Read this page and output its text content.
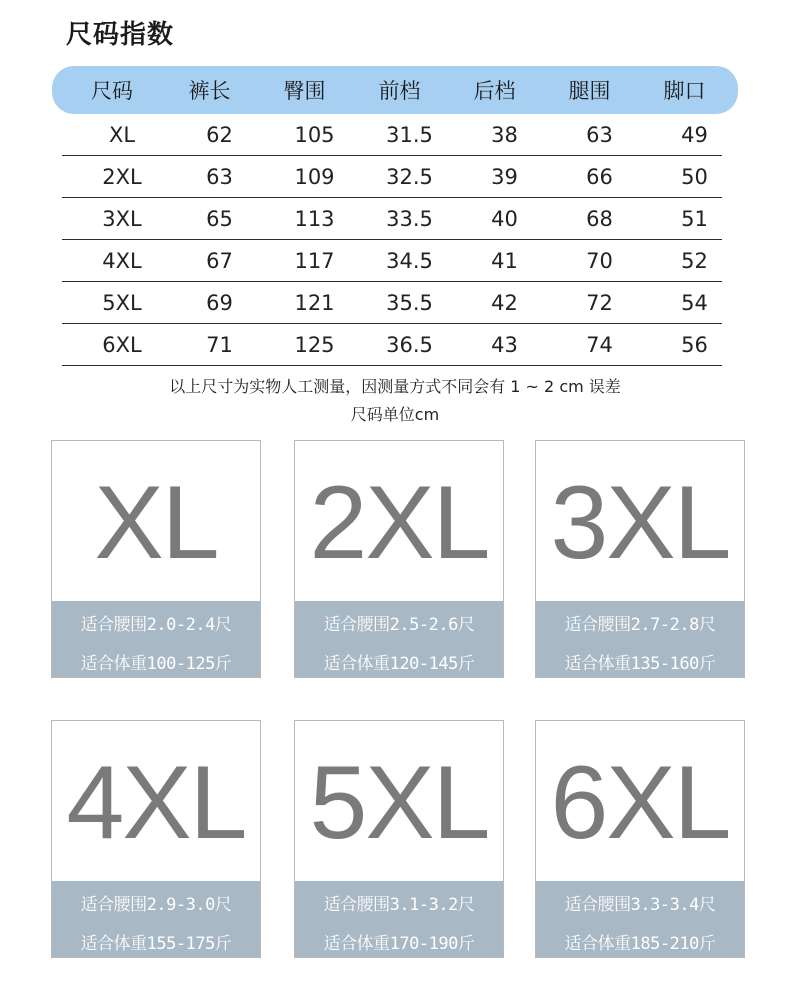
尺码指数
尺码	裤长	臀围	前档	后档	腿围	脚口
XL	62	105	31.5	38	63	49
2XL	63	109	32.5	39	66	50
3XL	65	113	33.5	40	68	51
4XL	67	117	34.5	41	70	52
5XL	69	121	35.5	42	72	54
6XL	71	125	36.5	43	74	56
以上尺寸为实物人工测量，因测量方式不同会有 1 ~ 2 cm 误差
尺码单位cm
XL
适合腰围2.0-2.4尺
适合体重100-125斤
2XL
适合腰围2.5-2.6尺
适合体重120-145斤
3XL
适合腰围2.7-2.8尺
适合体重135-160斤
4XL
适合腰围2.9-3.0尺
适合体重155-175斤
5XL
适合腰围3.1-3.2尺
适合体重170-190斤
6XL
适合腰围3.3-3.4尺
适合体重185-210斤
